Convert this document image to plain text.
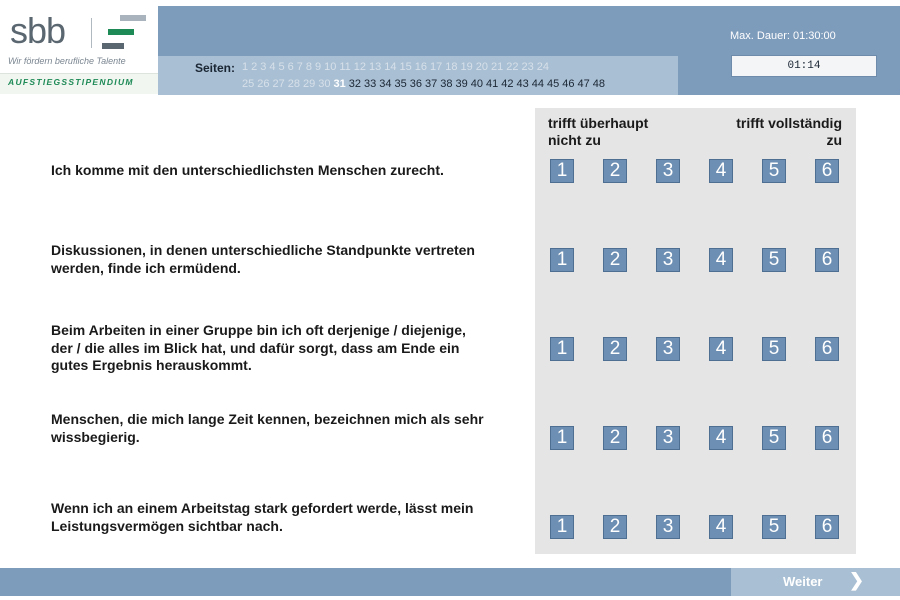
sbb
Wir fördern berufliche Talente
AUFSTIEGSSTIPENDIUM
Seiten: 1 2 3 4 5 6 7 8 9 10 11 12 13 14 15 16 17 18 19 20 21 22 23 24
25 26 27 28 29 30 31 32 33 34 35 36 37 38 39 40 41 42 43 44 45 46 47 48
Max. Dauer: 01:30:00
01:14
trifft überhaupt
nicht zu
trifft vollständig
zu
Ich komme mit den unterschiedlichsten Menschen zurecht.	1	2	3	4	5	6
Diskussionen, in denen unterschiedliche Standpunkte vertreten
werden, finde ich ermüdend.	1	2	3	4	5	6
Beim Arbeiten in einer Gruppe bin ich oft derjenige / diejenige,
der / die alles im Blick hat, und dafür sorgt, dass am Ende ein
gutes Ergebnis herauskommt.
1	2	3	4	5	6
Menschen, die mich lange Zeit kennen, bezeichnen mich als sehr
wissbegierig.	1	2	3	4	5	6
Wenn ich an einem Arbeitstag stark gefordert werde, lässt mein
Leistungsvermögen sichtbar nach.	1	2	3	4	5	6
Weiter ❯
